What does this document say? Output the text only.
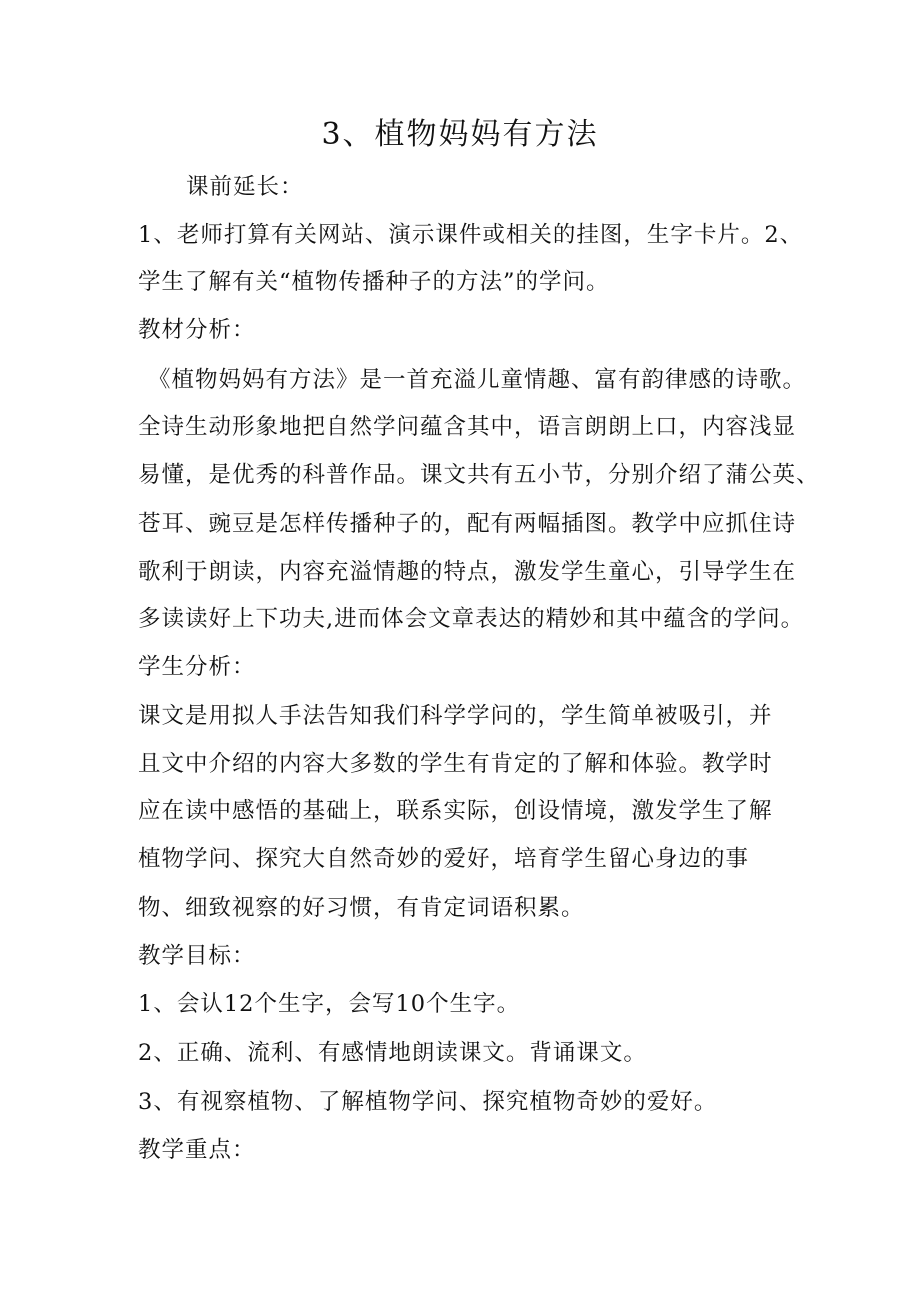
3、植物妈妈有方法
课前延长：
1、老师打算有关网站、演示课件或相关的挂图，生字卡片。2、
学生了解有关“植物传播种子的方法”的学问。
教材分析：
《植物妈妈有方法》是一首充溢儿童情趣、富有韵律感的诗歌。
全诗生动形象地把自然学问蕴含其中，语言朗朗上口，内容浅显
易懂，是优秀的科普作品。课文共有五小节，分别介绍了蒲公英、
苍耳、豌豆是怎样传播种子的，配有两幅插图。教学中应抓住诗
歌利于朗读，内容充溢情趣的特点，激发学生童心，引导学生在
多读读好上下功夫,进而体会文章表达的精妙和其中蕴含的学问。
学生分析：
课文是用拟人手法告知我们科学学问的，学生简单被吸引，并
且文中介绍的内容大多数的学生有肯定的了解和体验。教学时
应在读中感悟的基础上，联系实际，创设情境，激发学生了解
植物学问、探究大自然奇妙的爱好，培育学生留心身边的事
物、细致视察的好习惯，有肯定词语积累。
教学目标：
1、会认12个生字，会写10个生字。
2、正确、流利、有感情地朗读课文。背诵课文。
3、有视察植物、了解植物学问、探究植物奇妙的爱好。
教学重点：
